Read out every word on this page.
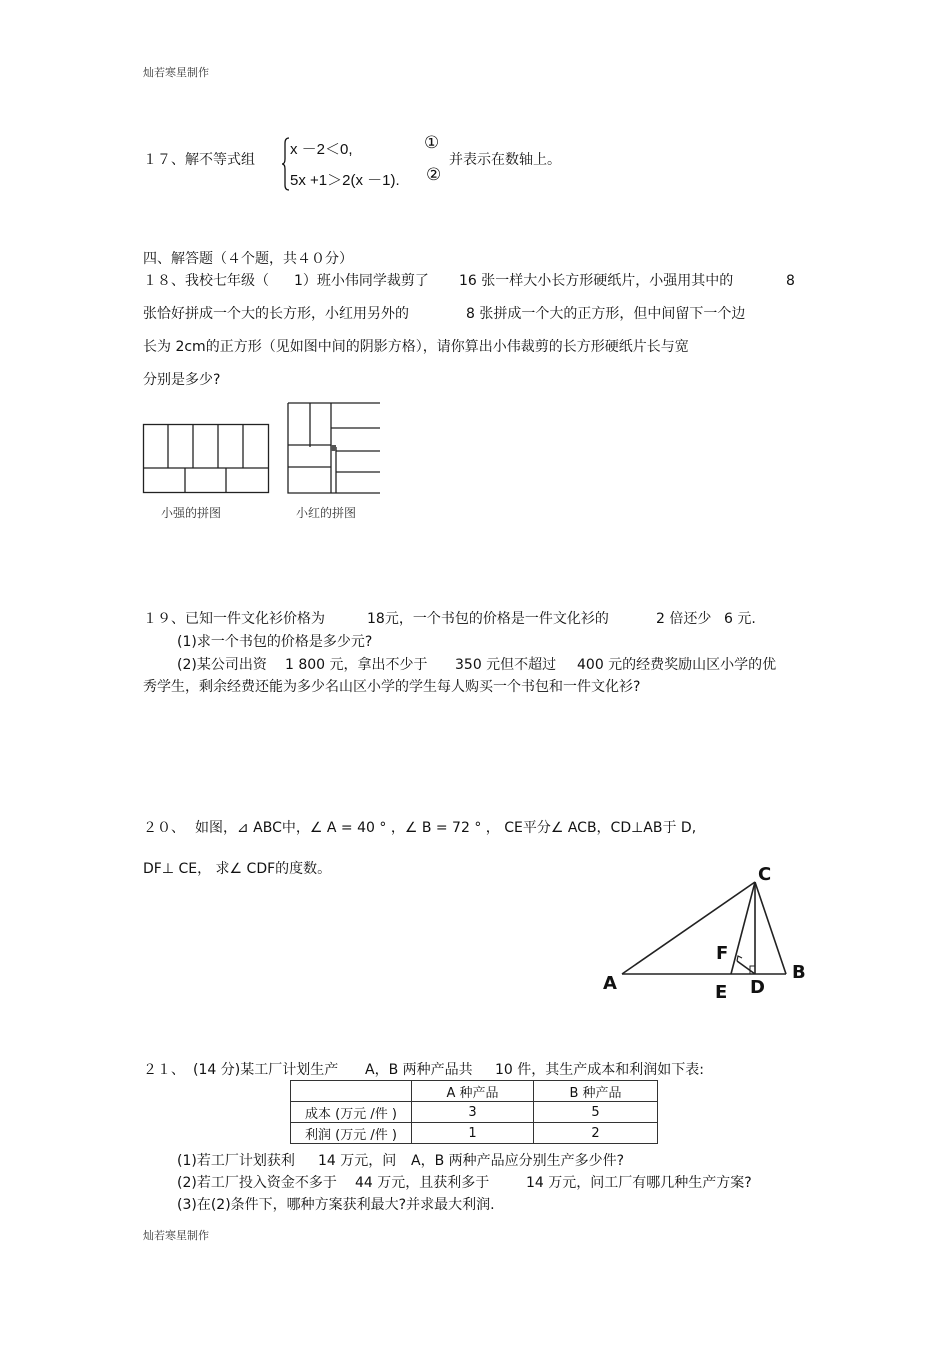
灿若寒星制作
１７、解不等式组
x －2＜0,
5x +1＞2(x －1).
①
②
并表示在数轴上。
四、解答题（４个题，共４０分）
１８、我校七年级（ 1）班小伟同学裁剪了 16 张一样大小长方形硬纸片，小强用其中的	8
张恰好拼成一个大的长方形，小红用另外的	8 张拼成一个大的正方形，但中间留下一个边
长为 2cm的正方形（见如图中间的阴影方格），请你算出小伟裁剪的长方形硬纸片长与宽
分别是多少?
小强的拼图	小红的拼图
１９、已知一件文化衫价格为	18元，一个书包的价格是一件文化衫的	2 倍还少 6 元.
(1)求一个书包的价格是多少元?
(2)某公司出资 1 800 元，拿出不少于 350 元但不超过 400 元的经费奖励山区小学的优
秀学生，剩余经费还能为多少名山区小学的学生每人购买一个书包和一件文化衫?
２０、 如图，⊿ ABC中，∠ A = 40 ° ，∠ B = 72 ° ， CE平分∠ ACB，CD⊥AB于 D,
DF⊥ CE， 求∠ CDF的度数。	C
A
B
D
E
F
２１、 (14 分)某工厂计划生产 A，B 两种产品共 10 件，其生产成本和利润如下表:
	A 种产品	B 种产品
成本 (万元 /件 )	3	5
利润 (万元 /件 )	1	2
(1)若工厂计划获利 14 万元，问 A，B 两种产品应分别生产多少件?
(2)若工厂投入资金不多于 44 万元，且获利多于	14 万元，问工厂有哪几种生产方案?
(3)在(2)条件下，哪种方案获利最大?并求最大利润.
灿若寒星制作
